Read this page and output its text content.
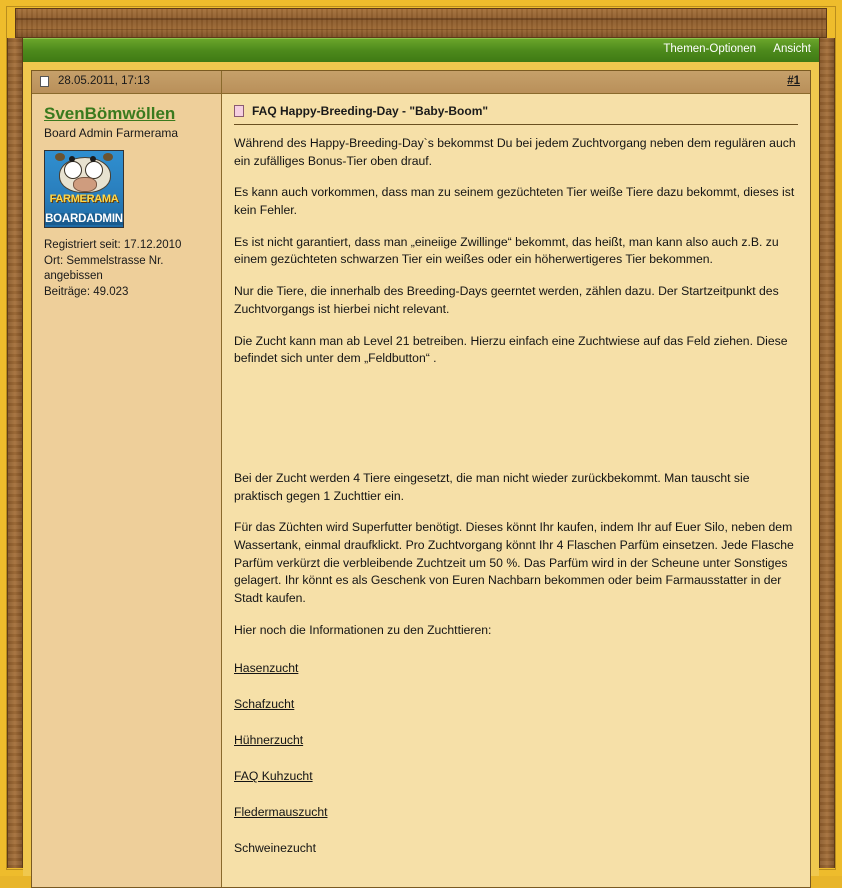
Themen-Optionen Ansicht
28.05.2011, 17:13	#1
SvenBömwöllen
Board Admin Farmerama
FARMERAMA
BOARDADMIN
Registriert seit: 17.12.2010
Ort: Semmelstrasse Nr.
angebissen
Beiträge: 49.023
FAQ Happy-Breeding-Day - "Baby-Boom"

Während des Happy-Breeding-Day`s bekommst Du bei jedem Zuchtvorgang neben dem regulären auch ein zufälliges Bonus-Tier oben drauf.

Es kann auch vorkommen, dass man zu seinem gezüchteten Tier weiße Tiere dazu bekommt, dieses ist kein Fehler.

Es ist nicht garantiert, dass man „eineiige Zwillinge“ bekommt, das heißt, man kann also auch z.B. zu einem gezüchteten schwarzen Tier ein weißes oder ein höherwertigeres Tier bekommen.

Nur die Tiere, die innerhalb des Breeding-Days geerntet werden, zählen dazu. Der Startzeitpunkt des Zuchtvorgangs ist hierbei nicht relevant.

Die Zucht kann man ab Level 21 betreiben. Hierzu einfach eine Zuchtwiese auf das Feld ziehen. Diese befindet sich unter dem „Feldbutton“ .

Bei der Zucht werden 4 Tiere eingesetzt, die man nicht wieder zurückbekommt. Man tauscht sie praktisch gegen 1 Zuchttier ein.

Für das Züchten wird Superfutter benötigt. Dieses könnt Ihr kaufen, indem Ihr auf Euer Silo, neben dem Wassertank, einmal draufklickt. Pro Zuchtvorgang könnt Ihr 4 Flaschen Parfüm einsetzen. Jede Flasche Parfüm verkürzt die verbleibende Zuchtzeit um 50 %. Das Parfüm wird in der Scheune unter Sonstiges gelagert. Ihr könnt es als Geschenk von Euren Nachbarn bekommen oder beim Farmausstatter in der Stadt kaufen.

Hier noch die Informationen zu den Zuchttieren:

Hasenzucht
Schafzucht
Hühnerzucht
FAQ Kuhzucht
Fledermauszucht
Schweinezucht
